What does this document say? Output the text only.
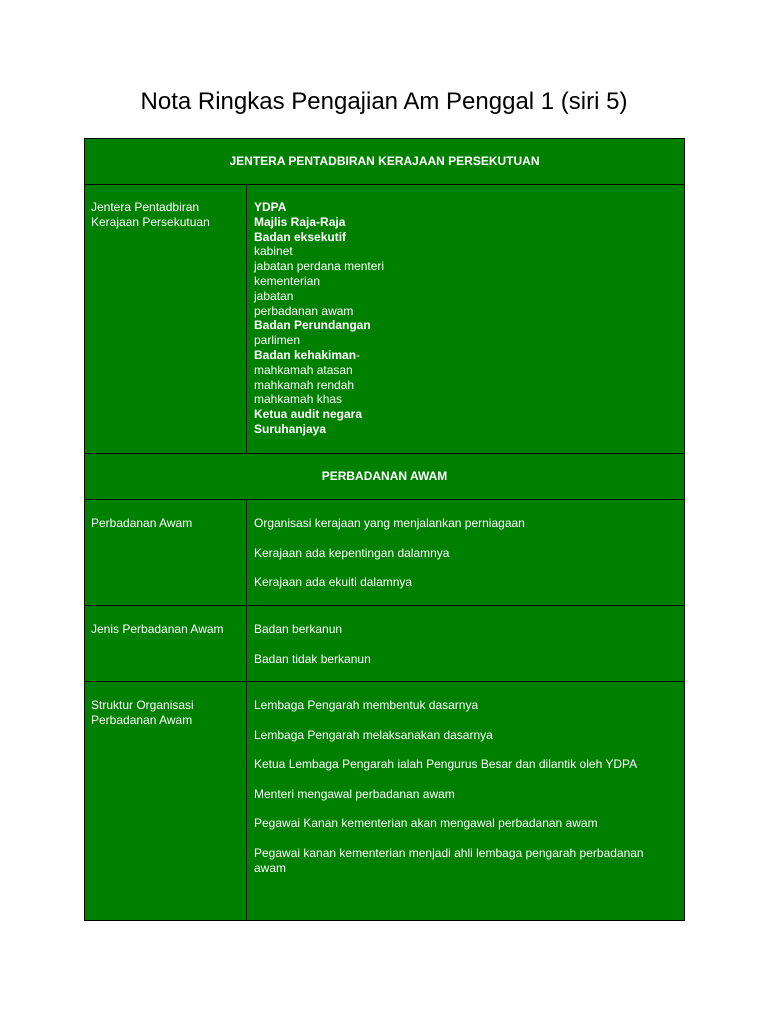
Nota Ringkas Pengajian Am Penggal 1 (siri 5)
JENTERA PENTADBIRAN KERAJAAN PERSEKUTUAN
Jentera Pentadbiran
Kerajaan Persekutuan
YDPA
Majlis Raja-Raja
Badan eksekutif
kabinet
jabatan perdana menteri
kementerian
jabatan
perbadanan awam
Badan Perundangan
parlimen
Badan kehakiman-
mahkamah atasan
mahkamah rendah
mahkamah khas
Ketua audit negara
Suruhanjaya
PERBADANAN AWAM
Perbadanan Awam	Organisasi kerajaan yang menjalankan perniagaan
Kerajaan ada kepentingan dalamnya
Kerajaan ada ekuiti dalamnya
Jenis Perbadanan Awam	Badan berkanun
Badan tidak berkanun
Struktur Organisasi
Perbadanan Awam
Lembaga Pengarah membentuk dasarnya
Lembaga Pengarah melaksanakan dasarnya
Ketua Lembaga Pengarah ialah Pengurus Besar dan dilantik oleh YDPA
Menteri mengawal perbadanan awam
Pegawai Kanan kementerian akan mengawal perbadanan awam
Pegawai kanan kementerian menjadi ahli lembaga pengarah perbadanan
awam
